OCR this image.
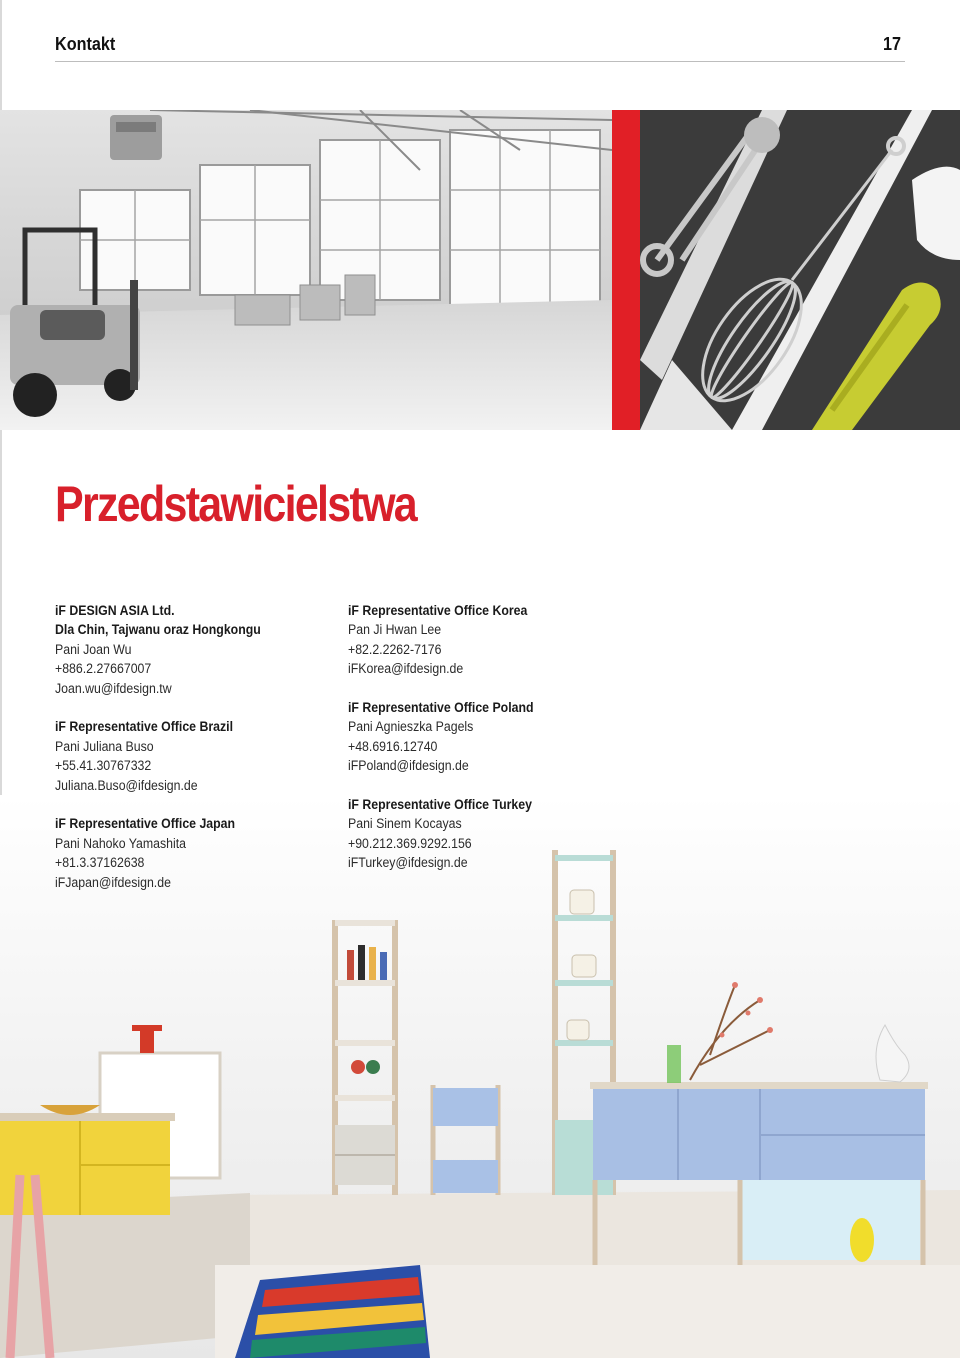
Kontakt	17
Przedstawicielstwa
iF DESIGN ASIA Ltd.
Dla Chin, Tajwanu oraz Hongkongu
Pani Joan Wu
+886.2.27667007
Joan.wu@ifdesign.tw
iF Representative Office Brazil
Pani Juliana Buso
+55.41.30767332
Juliana.Buso@ifdesign.de
iF Representative Office Japan
Pani Nahoko Yamashita
+81.3.37162638
iFJapan@ifdesign.de
iF Representative Office Korea
Pan Ji Hwan Lee
+82.2.2262-7176
iFKorea@ifdesign.de
iF Representative Office Poland
Pani Agnieszka Pagels
+48.6916.12740
iFPoland@ifdesign.de
iF Representative Office Turkey
Pani Sinem Kocayas
+90.212.369.9292.156
iFTurkey@ifdesign.de
